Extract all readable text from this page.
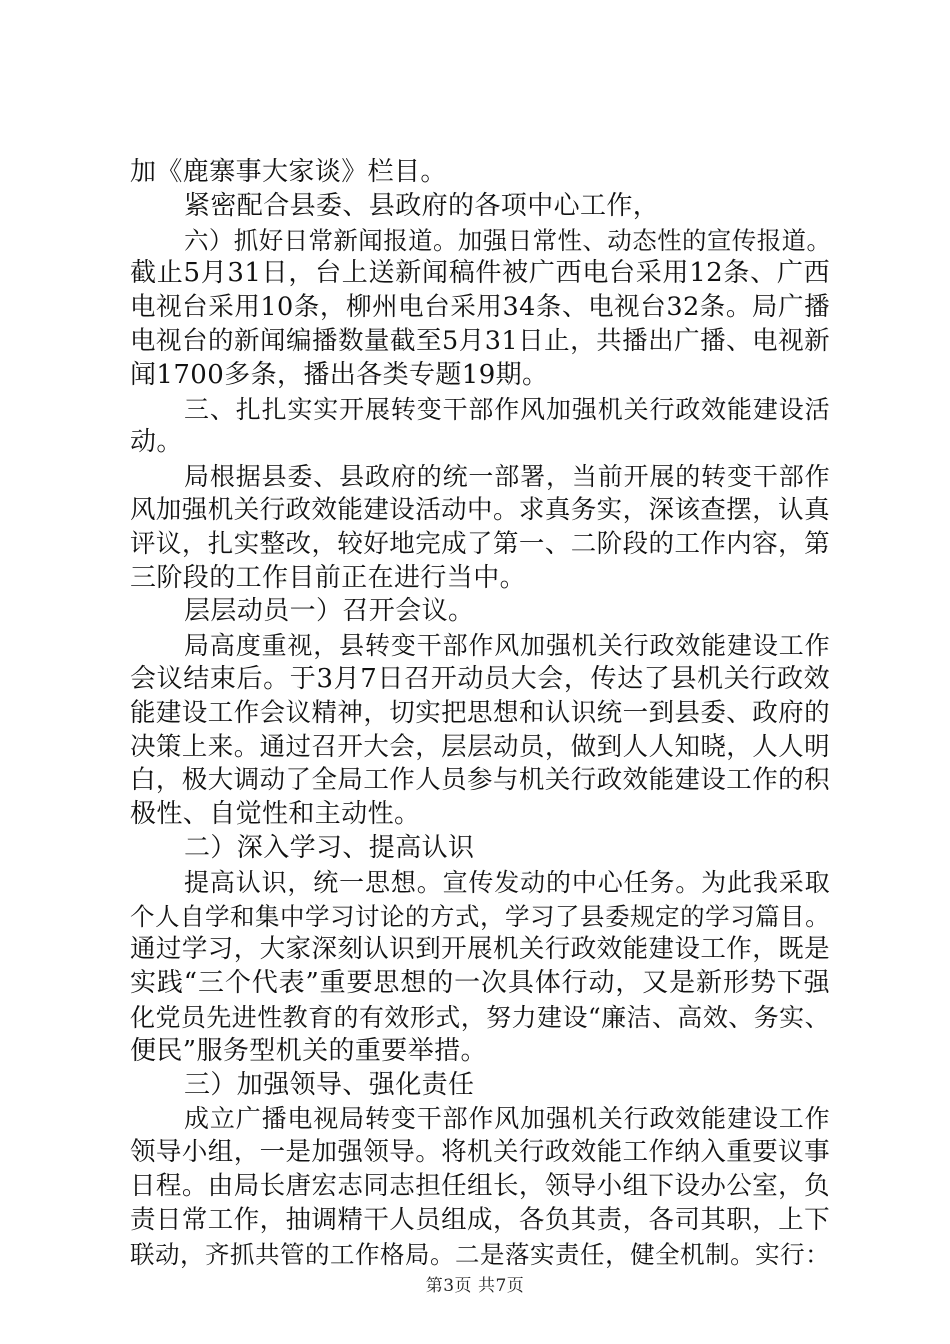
加《鹿寨事大家谈》栏目。
紧密配合县委、县政府的各项中心工作，
六）抓好日常新闻报道。加强日常性、动态性的宣传报道。
截止5月31日，台上送新闻稿件被广西电台采用12条、广西
电视台采用10条，柳州电台采用34条、电视台32条。局广播
电视台的新闻编播数量截至5月31日止，共播出广播、电视新
闻1700多条，播出各类专题19期。
三、扎扎实实开展转变干部作风加强机关行政效能建设活
动。
局根据县委、县政府的统一部署，当前开展的转变干部作
风加强机关行政效能建设活动中。求真务实，深该查摆，认真
评议，扎实整改，较好地完成了第一、二阶段的工作内容，第
三阶段的工作目前正在进行当中。
层层动员一）召开会议。
局高度重视，县转变干部作风加强机关行政效能建设工作
会议结束后。于3月7日召开动员大会，传达了县机关行政效
能建设工作会议精神，切实把思想和认识统一到县委、政府的
决策上来。通过召开大会，层层动员，做到人人知晓，人人明
白，极大调动了全局工作人员参与机关行政效能建设工作的积
极性、自觉性和主动性。
二）深入学习、提高认识
提高认识，统一思想。宣传发动的中心任务。为此我采取
个人自学和集中学习讨论的方式，学习了县委规定的学习篇目。
通过学习，大家深刻认识到开展机关行政效能建设工作，既是
实践“三个代表”重要思想的一次具体行动，又是新形势下强
化党员先进性教育的有效形式，努力建设“廉洁、高效、务实、
便民”服务型机关的重要举措。
三）加强领导、强化责任
成立广播电视局转变干部作风加强机关行政效能建设工作
领导小组，一是加强领导。将机关行政效能工作纳入重要议事
日程。由局长唐宏志同志担任组长，领导小组下设办公室，负
责日常工作，抽调精干人员组成，各负其责，各司其职，上下
联动，齐抓共管的工作格局。二是落实责任，健全机制。实行：
第3页 共7页
